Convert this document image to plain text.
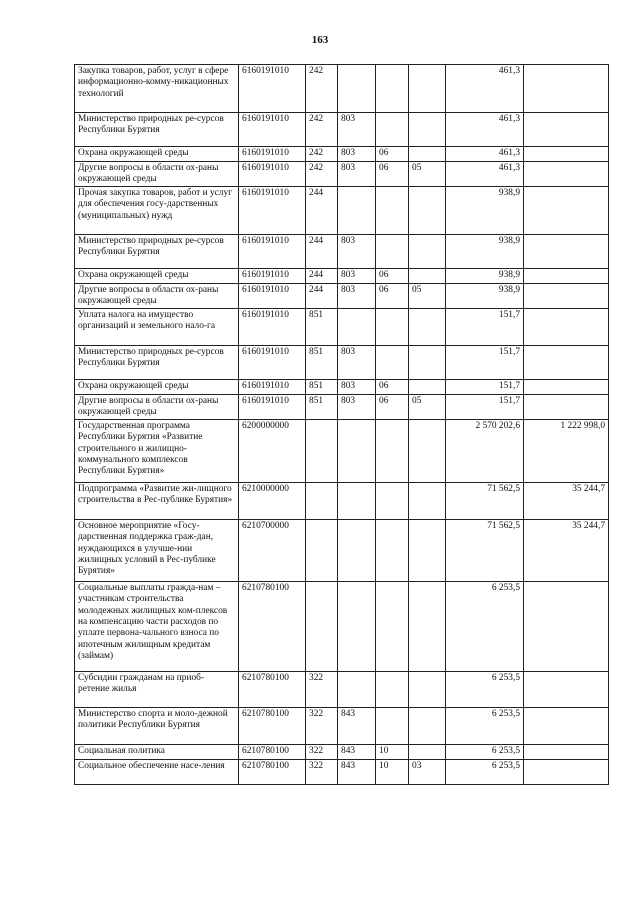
163
Закупка товаров, работ, услуг в сфере информационно-комму-никационных технологий	6160191010	242				461,3	
Министерство природных ре-сурсов Республики Бурятия	6160191010	242	803			461,3	
Охрана окружающей среды	6160191010	242	803	06		461,3	
Другие вопросы в области ох-раны окружающей среды	6160191010	242	803	06	05	461,3	
Прочая закупка товаров, работ и услуг для обеспечения госу-дарственных (муниципальных) нужд	6160191010	244				938,9	
Министерство природных ре-сурсов Республики Бурятия	6160191010	244	803			938,9	
Охрана окружающей среды	6160191010	244	803	06		938,9	
Другие вопросы в области ох-раны окружающей среды	6160191010	244	803	06	05	938,9	
Уплата налога на имущество организаций и земельного нало-га	6160191010	851				151,7	
Министерство природных ре-сурсов Республики Бурятия	6160191010	851	803			151,7	
Охрана окружающей среды	6160191010	851	803	06		151,7	
Другие вопросы в области ох-раны окружающей среды	6160191010	851	803	06	05	151,7	
Государственная программа Республики Бурятия «Развитие строительного и жилищно-коммунального комплексов Республики Бурятия»	6200000000					2 570 202,6	1 222 998,0
Подпрограмма «Развитие жи-лищного строительства в Рес-публике Бурятия»	6210000000					71 562,5	35 244,7
Основное мероприятие «Госу-дарственная поддержка граж-дан, нуждающихся в улучше-нии жилищных условий в Рес-публике Бурятия»	6210700000					71 562,5	35 244,7
Социальные выплаты гражда-нам – участникам строительства молодежных жилищных ком-плексов на компенсацию части расходов по уплате первона-чального взноса по ипотечным жилищным кредитам (займам)	6210780100					6 253,5	
Субсидии гражданам на приоб-ретение жилья	6210780100	322				6 253,5	
Министерство спорта и моло-дежной политики Республики Бурятия	6210780100	322	843			6 253,5	
Социальная политика	6210780100	322	843	10		6 253,5	
Социальное обеспечение насе-ления	6210780100	322	843	10	03	6 253,5	
